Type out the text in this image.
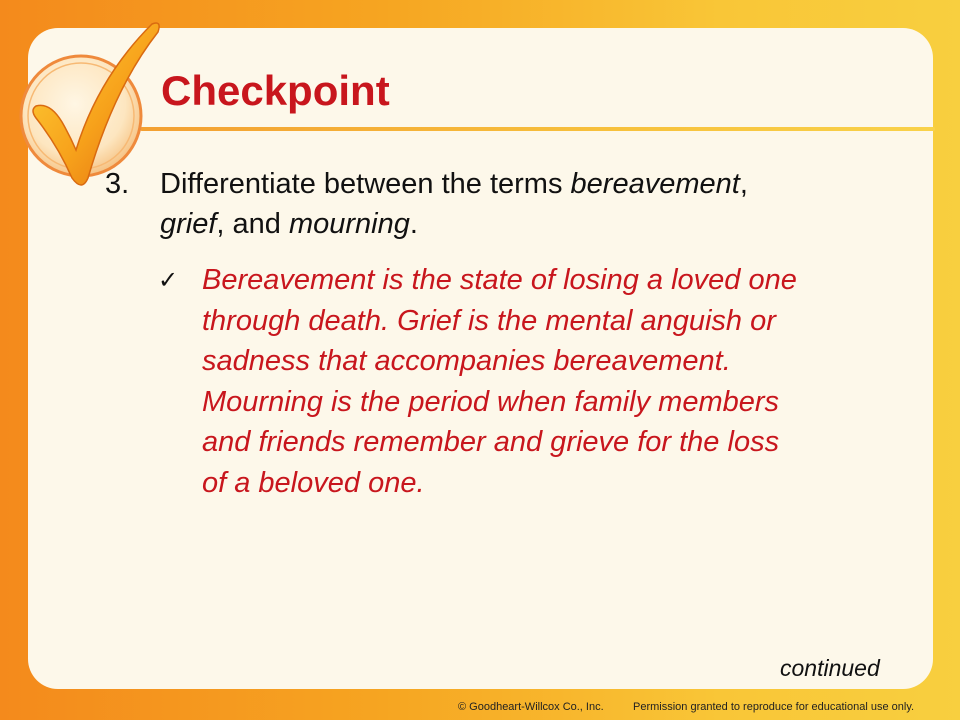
Checkpoint
3. Differentiate between the terms bereavement,
grief, and mourning.
✓ Bereavement is the state of losing a loved one
through death. Grief is the mental anguish or
sadness that accompanies bereavement.
Mourning is the period when family members
and friends remember and grieve for the loss
of a beloved one.
continued
© Goodheart-Willcox Co., Inc.	Permission granted to reproduce for educational use only.
